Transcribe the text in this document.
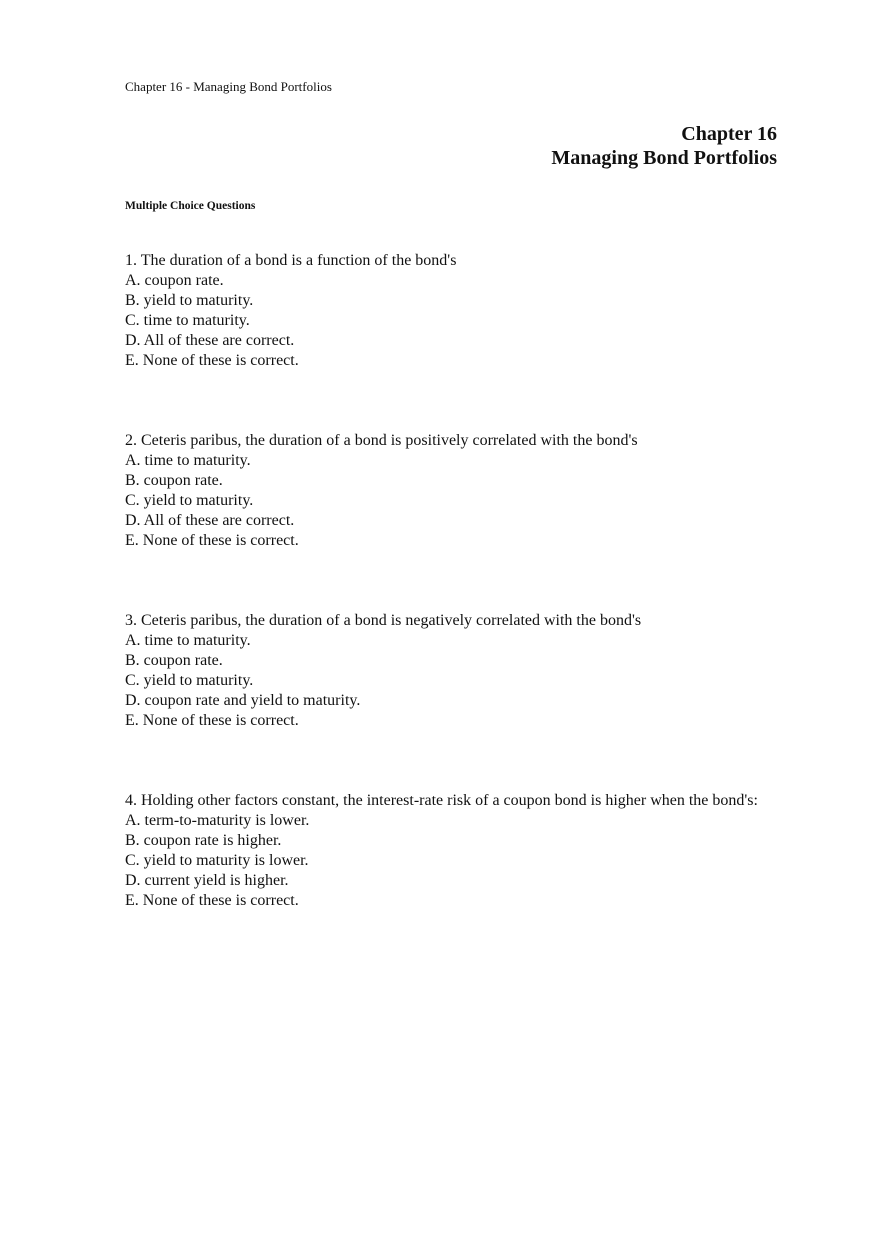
Chapter 16 - Managing Bond Portfolios
Chapter 16
Managing Bond Portfolios
Multiple Choice Questions
1. The duration of a bond is a function of the bond's
A. coupon rate.
B. yield to maturity.
C. time to maturity.
D. All of these are correct.
E. None of these is correct.
2. Ceteris paribus, the duration of a bond is positively correlated with the bond's
A. time to maturity.
B. coupon rate.
C. yield to maturity.
D. All of these are correct.
E. None of these is correct.
3. Ceteris paribus, the duration of a bond is negatively correlated with the bond's
A. time to maturity.
B. coupon rate.
C. yield to maturity.
D. coupon rate and yield to maturity.
E. None of these is correct.
4. Holding other factors constant, the interest-rate risk of a coupon bond is higher when the bond's:
A. term-to-maturity is lower.
B. coupon rate is higher.
C. yield to maturity is lower.
D. current yield is higher.
E. None of these is correct.
